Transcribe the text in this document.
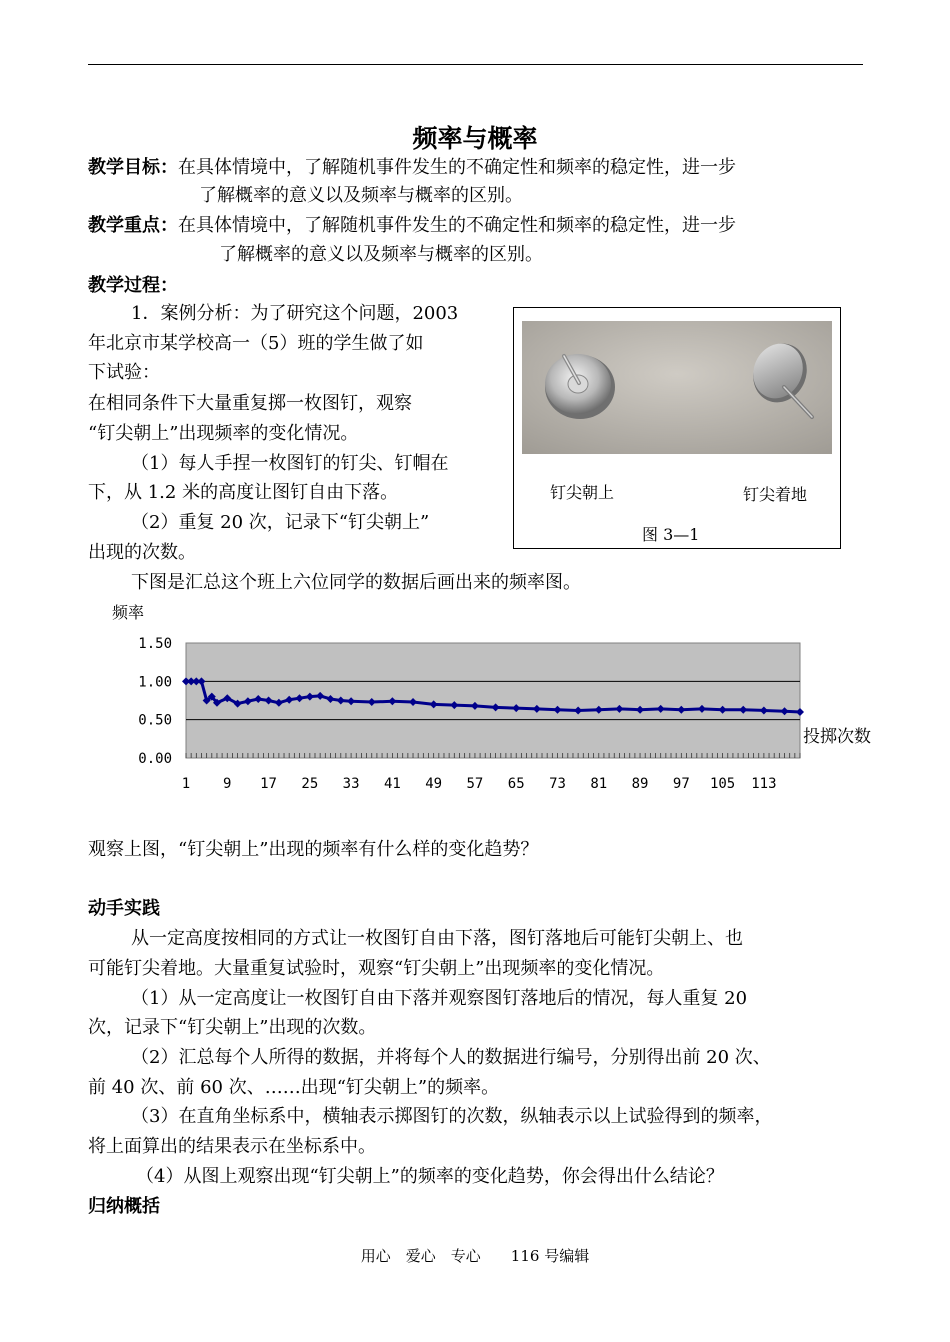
频率与概率
教学目标：在具体情境中，了解随机事件发生的不确定性和频率的稳定性，进一步
了解概率的意义以及频率与概率的区别。
教学重点：在具体情境中，了解随机事件发生的不确定性和频率的稳定性，进一步
了解概率的意义以及频率与概率的区别。
教学过程：
1．案例分析：为了研究这个问题，2003
年北京市某学校高一（5）班的学生做了如
下试验：
在相同条件下大量重复掷一枚图钉，观察
“钉尖朝上”出现频率的变化情况。
（1）每人手捏一枚图钉的钉尖、钉帽在
下，从 1.2 米的高度让图钉自由下落。
（2）重复 20 次，记录下“钉尖朝上”
出现的次数。
钉尖朝上	钉尖着地
图 3—1
下图是汇总这个班上六位同学的数据后画出来的频率图。
1.50
1.00
0.50
0.00
1 9 17 25 33 41 49 57 65 73 81 89 97 105 113
频率
投掷次数
观察上图，“钉尖朝上”出现的频率有什么样的变化趋势？
动手实践
从一定高度按相同的方式让一枚图钉自由下落，图钉落地后可能钉尖朝上、也
可能钉尖着地。大量重复试验时，观察“钉尖朝上”出现频率的变化情况。
（1）从一定高度让一枚图钉自由下落并观察图钉落地后的情况，每人重复 20
次，记录下“钉尖朝上”出现的次数。
（2）汇总每个人所得的数据，并将每个人的数据进行编号，分别得出前 20 次、
前 40 次、前 60 次、……出现“钉尖朝上”的频率。
（3）在直角坐标系中，横轴表示掷图钉的次数，纵轴表示以上试验得到的频率，
将上面算出的结果表示在坐标系中。
（4）从图上观察出现“钉尖朝上”的频率的变化趋势，你会得出什么结论？
归纳概括
用心　爱心　专心　　116 号编辑
